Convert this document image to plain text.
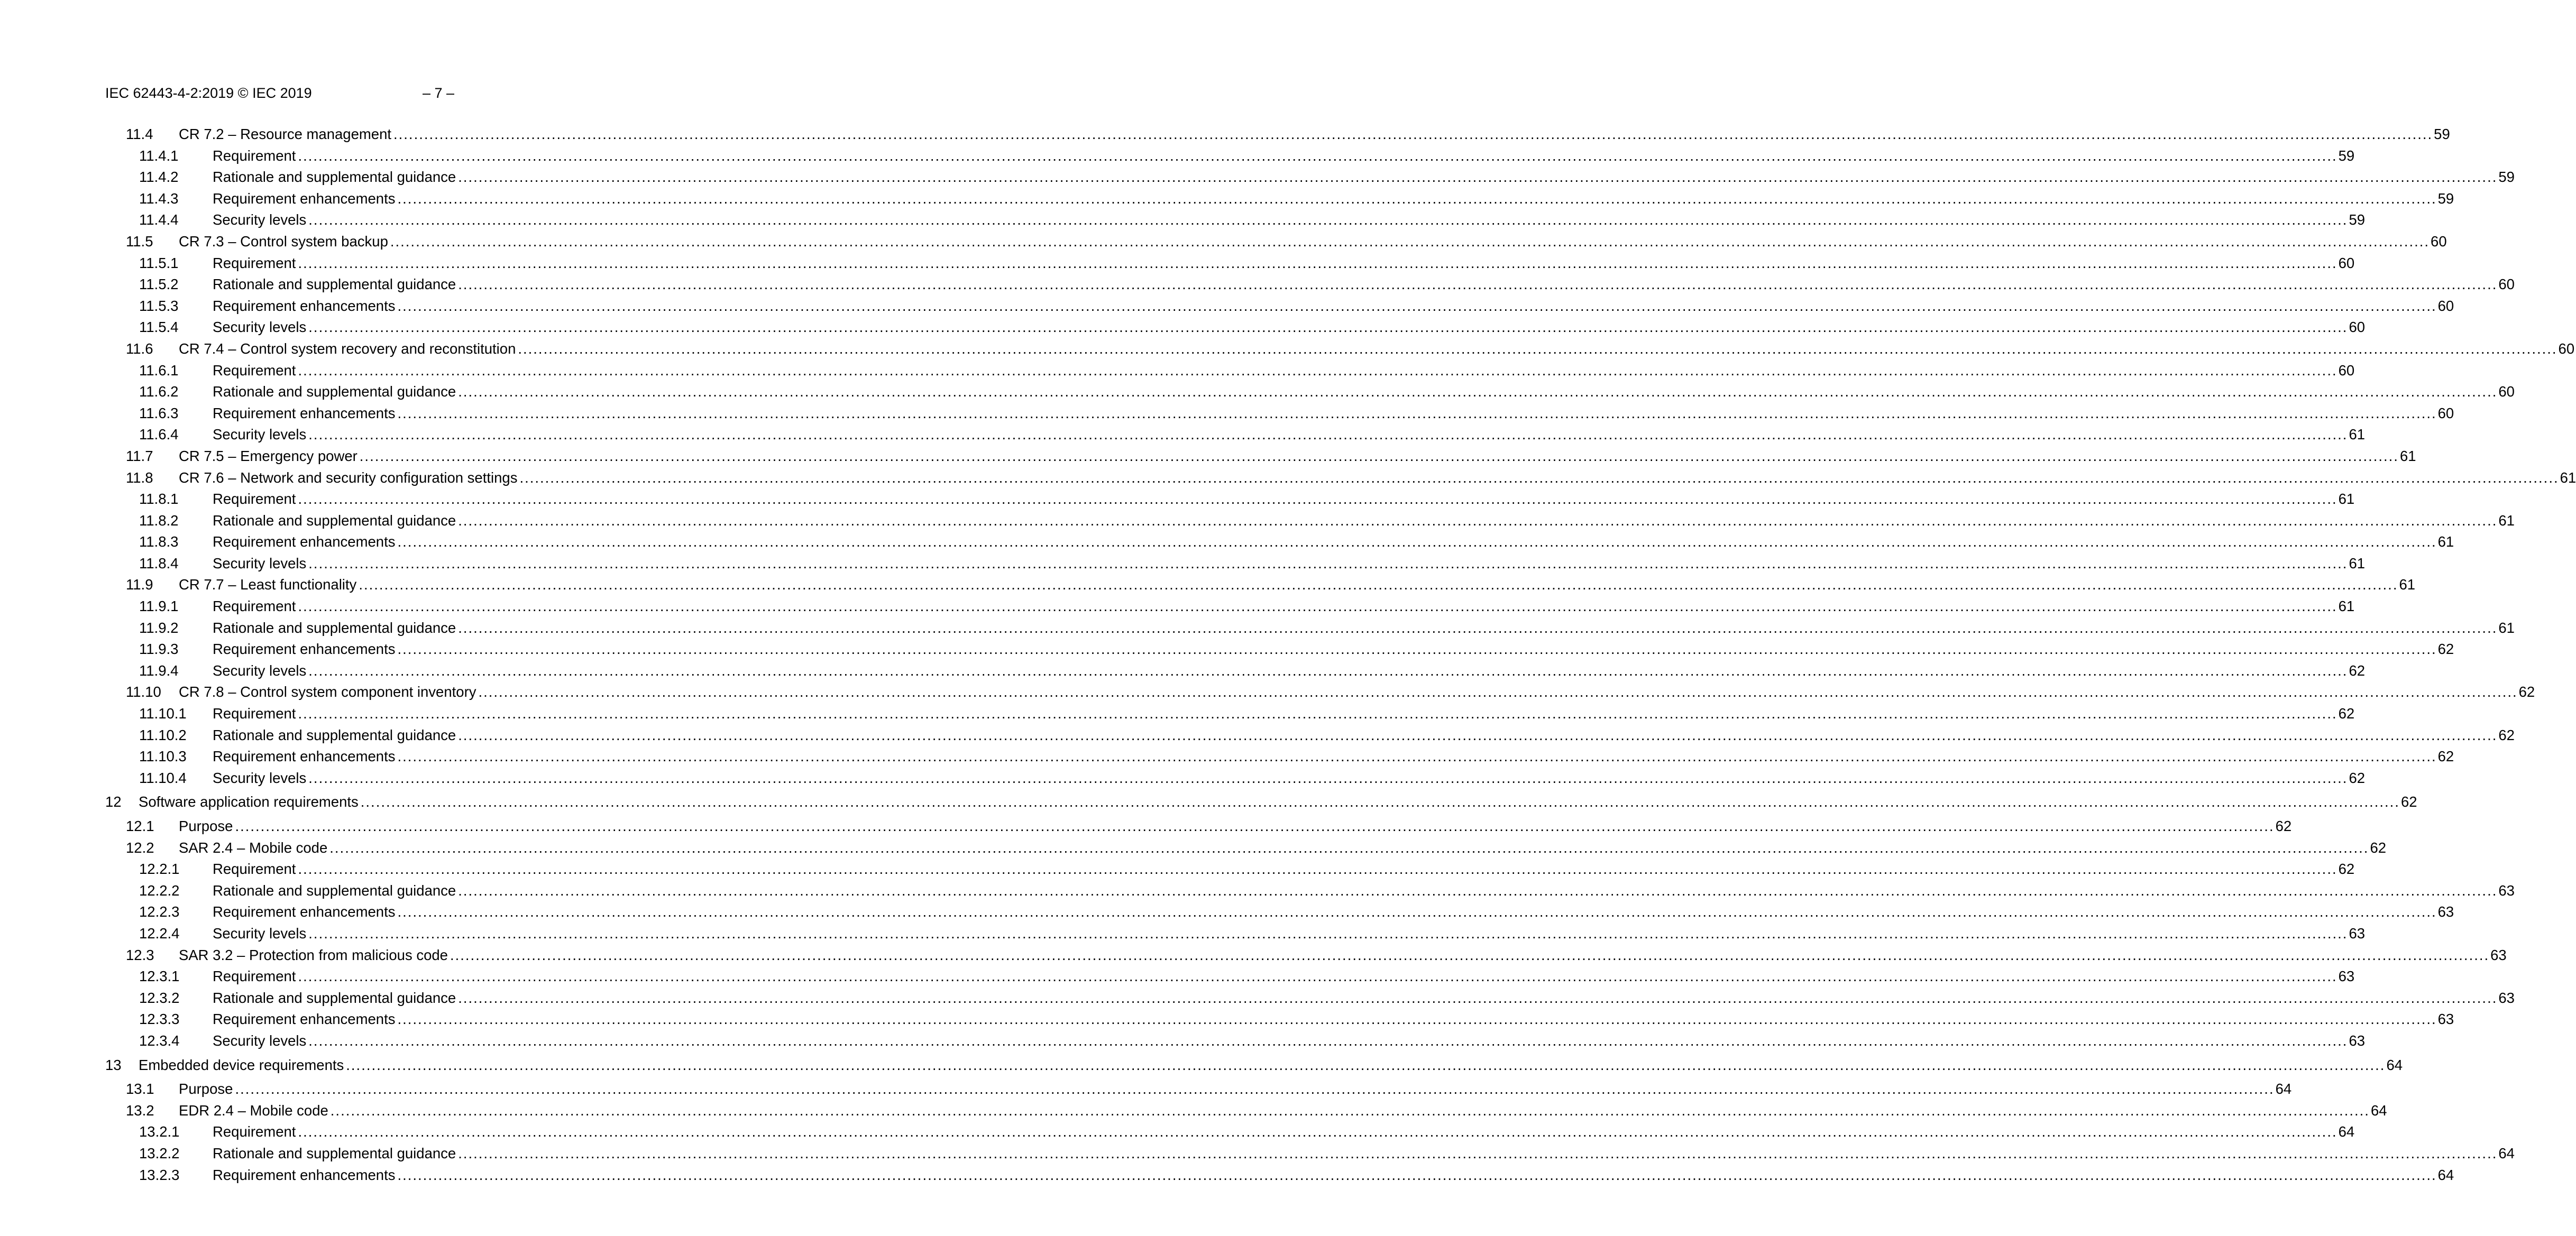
IEC 62443-4-2:2019 © IEC 2019	– 7 –
11.4 CR 7.2 – Resource management ................................................................................................................................................................................................................................................................................................................................................................................................................ 59
11.4.1 Requirement ................................................................................................................................................................................................................................................................................................................................................................................................................ 59
11.4.2 Rationale and supplemental guidance ................................................................................................................................................................................................................................................................................................................................................................................................................ 59
11.4.3 Requirement enhancements ................................................................................................................................................................................................................................................................................................................................................................................................................ 59
11.4.4 Security levels ................................................................................................................................................................................................................................................................................................................................................................................................................ 59
11.5 CR 7.3 – Control system backup ................................................................................................................................................................................................................................................................................................................................................................................................................ 60
11.5.1 Requirement ................................................................................................................................................................................................................................................................................................................................................................................................................ 60
11.5.2 Rationale and supplemental guidance ................................................................................................................................................................................................................................................................................................................................................................................................................ 60
11.5.3 Requirement enhancements ................................................................................................................................................................................................................................................................................................................................................................................................................ 60
11.5.4 Security levels ................................................................................................................................................................................................................................................................................................................................................................................................................ 60
11.6 CR 7.4 – Control system recovery and reconstitution ................................................................................................................................................................................................................................................................................................................................................................................................................ 60
11.6.1 Requirement ................................................................................................................................................................................................................................................................................................................................................................................................................ 60
11.6.2 Rationale and supplemental guidance ................................................................................................................................................................................................................................................................................................................................................................................................................ 60
11.6.3 Requirement enhancements ................................................................................................................................................................................................................................................................................................................................................................................................................ 60
11.6.4 Security levels ................................................................................................................................................................................................................................................................................................................................................................................................................ 61
11.7 CR 7.5 – Emergency power ................................................................................................................................................................................................................................................................................................................................................................................................................ 61
11.8 CR 7.6 – Network and security configuration settings ................................................................................................................................................................................................................................................................................................................................................................................................................ 61
11.8.1 Requirement ................................................................................................................................................................................................................................................................................................................................................................................................................ 61
11.8.2 Rationale and supplemental guidance ................................................................................................................................................................................................................................................................................................................................................................................................................ 61
11.8.3 Requirement enhancements ................................................................................................................................................................................................................................................................................................................................................................................................................ 61
11.8.4 Security levels ................................................................................................................................................................................................................................................................................................................................................................................................................ 61
11.9 CR 7.7 – Least functionality ................................................................................................................................................................................................................................................................................................................................................................................................................ 61
11.9.1 Requirement ................................................................................................................................................................................................................................................................................................................................................................................................................ 61
11.9.2 Rationale and supplemental guidance ................................................................................................................................................................................................................................................................................................................................................................................................................ 61
11.9.3 Requirement enhancements ................................................................................................................................................................................................................................................................................................................................................................................................................ 62
11.9.4 Security levels ................................................................................................................................................................................................................................................................................................................................................................................................................ 62
11.10 CR 7.8 – Control system component inventory ................................................................................................................................................................................................................................................................................................................................................................................................................ 62
11.10.1 Requirement ................................................................................................................................................................................................................................................................................................................................................................................................................ 62
11.10.2 Rationale and supplemental guidance ................................................................................................................................................................................................................................................................................................................................................................................................................ 62
11.10.3 Requirement enhancements ................................................................................................................................................................................................................................................................................................................................................................................................................ 62
11.10.4 Security levels ................................................................................................................................................................................................................................................................................................................................................................................................................ 62
12 Software application requirements ................................................................................................................................................................................................................................................................................................................................................................................................................ 62
12.1 Purpose ................................................................................................................................................................................................................................................................................................................................................................................................................ 62
12.2 SAR 2.4 – Mobile code ................................................................................................................................................................................................................................................................................................................................................................................................................ 62
12.2.1 Requirement ................................................................................................................................................................................................................................................................................................................................................................................................................ 62
12.2.2 Rationale and supplemental guidance ................................................................................................................................................................................................................................................................................................................................................................................................................ 63
12.2.3 Requirement enhancements ................................................................................................................................................................................................................................................................................................................................................................................................................ 63
12.2.4 Security levels ................................................................................................................................................................................................................................................................................................................................................................................................................ 63
12.3 SAR 3.2 – Protection from malicious code ................................................................................................................................................................................................................................................................................................................................................................................................................ 63
12.3.1 Requirement ................................................................................................................................................................................................................................................................................................................................................................................................................ 63
12.3.2 Rationale and supplemental guidance ................................................................................................................................................................................................................................................................................................................................................................................................................ 63
12.3.3 Requirement enhancements ................................................................................................................................................................................................................................................................................................................................................................................................................ 63
12.3.4 Security levels ................................................................................................................................................................................................................................................................................................................................................................................................................ 63
13 Embedded device requirements ................................................................................................................................................................................................................................................................................................................................................................................................................ 64
13.1 Purpose ................................................................................................................................................................................................................................................................................................................................................................................................................ 64
13.2 EDR 2.4 – Mobile code ................................................................................................................................................................................................................................................................................................................................................................................................................ 64
13.2.1 Requirement ................................................................................................................................................................................................................................................................................................................................................................................................................ 64
13.2.2 Rationale and supplemental guidance ................................................................................................................................................................................................................................................................................................................................................................................................................ 64
13.2.3 Requirement enhancements ................................................................................................................................................................................................................................................................................................................................................................................................................ 64
